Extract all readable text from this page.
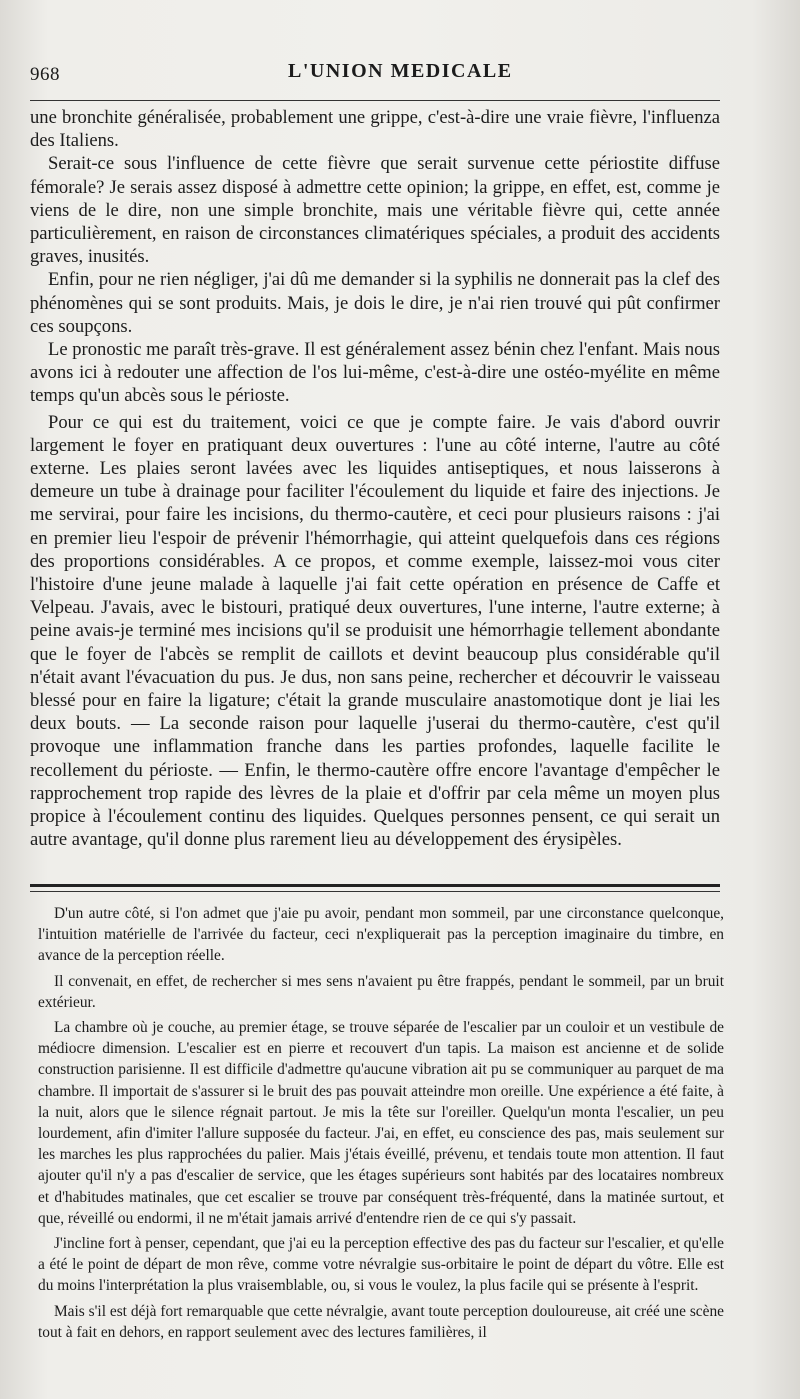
968	L'UNION MEDICALE

une bronchite généralisée, probablement une grippe, c'est-à-dire une vraie fièvre, l'influenza des Italiens.

Serait-ce sous l'influence de cette fièvre que serait survenue cette périostite diffuse fémorale? Je serais assez disposé à admettre cette opinion; la grippe, en effet, est, comme je viens de le dire, non une simple bronchite, mais une véritable fièvre qui, cette année particulièrement, en raison de circonstances climatériques spéciales, a produit des accidents graves, inusités.

Enfin, pour ne rien négliger, j'ai dû me demander si la syphilis ne donnerait pas la clef des phénomènes qui se sont produits. Mais, je dois le dire, je n'ai rien trouvé qui pût confirmer ces soupçons.

Le pronostic me paraît très-grave. Il est généralement assez bénin chez l'enfant. Mais nous avons ici à redouter une affection de l'os lui-même, c'est-à-dire une ostéo-myélite en même temps qu'un abcès sous le périoste.

Pour ce qui est du traitement, voici ce que je compte faire. Je vais d'abord ouvrir largement le foyer en pratiquant deux ouvertures : l'une au côté interne, l'autre au côté externe. Les plaies seront lavées avec les liquides antiseptiques, et nous laisserons à demeure un tube à drainage pour faciliter l'écoulement du liquide et faire des injections. Je me servirai, pour faire les incisions, du thermo-cautère, et ceci pour plusieurs raisons : j'ai en premier lieu l'espoir de prévenir l'hémorrhagie, qui atteint quelquefois dans ces régions des proportions considérables. A ce propos, et comme exemple, laissez-moi vous citer l'histoire d'une jeune malade à laquelle j'ai fait cette opération en présence de Caffe et Velpeau. J'avais, avec le bistouri, pratiqué deux ouvertures, l'une interne, l'autre externe; à peine avais-je terminé mes incisions qu'il se produisit une hémorrhagie tellement abondante que le foyer de l'abcès se remplit de caillots et devint beaucoup plus considérable qu'il n'était avant l'évacuation du pus. Je dus, non sans peine, rechercher et découvrir le vaisseau blessé pour en faire la ligature; c'était la grande musculaire anastomotique dont je liai les deux bouts. — La seconde raison pour laquelle j'userai du thermo-cautère, c'est qu'il provoque une inflammation franche dans les parties profondes, laquelle facilite le recollement du périoste. — Enfin, le thermo-cautère offre encore l'avantage d'empêcher le rapprochement trop rapide des lèvres de la plaie et d'offrir par cela même un moyen plus propice à l'écoulement continu des liquides. Quelques personnes pensent, ce qui serait un autre avantage, qu'il donne plus rarement lieu au développement des érysipèles.

D'un autre côté, si l'on admet que j'aie pu avoir, pendant mon sommeil, par une circonstance quelconque, l'intuition matérielle de l'arrivée du facteur, ceci n'expliquerait pas la perception imaginaire du timbre, en avance de la perception réelle.

Il convenait, en effet, de rechercher si mes sens n'avaient pu être frappés, pendant le sommeil, par un bruit extérieur.

La chambre où je couche, au premier étage, se trouve séparée de l'escalier par un couloir et un vestibule de médiocre dimension. L'escalier est en pierre et recouvert d'un tapis. La maison est ancienne et de solide construction parisienne. Il est difficile d'admettre qu'aucune vibration ait pu se communiquer au parquet de ma chambre. Il importait de s'assurer si le bruit des pas pouvait atteindre mon oreille. Une expérience a été faite, à la nuit, alors que le silence régnait partout. Je mis la tête sur l'oreiller. Quelqu'un monta l'escalier, un peu lourdement, afin d'imiter l'allure supposée du facteur. J'ai, en effet, eu conscience des pas, mais seulement sur les marches les plus rapprochées du palier. Mais j'étais éveillé, prévenu, et tendais toute mon attention. Il faut ajouter qu'il n'y a pas d'escalier de service, que les étages supérieurs sont habités par des locataires nombreux et d'habitudes matinales, que cet escalier se trouve par conséquent très-fréquenté, dans la matinée surtout, et que, réveillé ou endormi, il ne m'était jamais arrivé d'entendre rien de ce qui s'y passait.

J'incline fort à penser, cependant, que j'ai eu la perception effective des pas du facteur sur l'escalier, et qu'elle a été le point de départ de mon rêve, comme votre névralgie sus-orbitaire le point de départ du vôtre. Elle est du moins l'interprétation la plus vraisemblable, ou, si vous le voulez, la plus facile qui se présente à l'esprit.

Mais s'il est déjà fort remarquable que cette névralgie, avant toute perception douloureuse, ait créé une scène tout à fait en dehors, en rapport seulement avec des lectures familières, il
